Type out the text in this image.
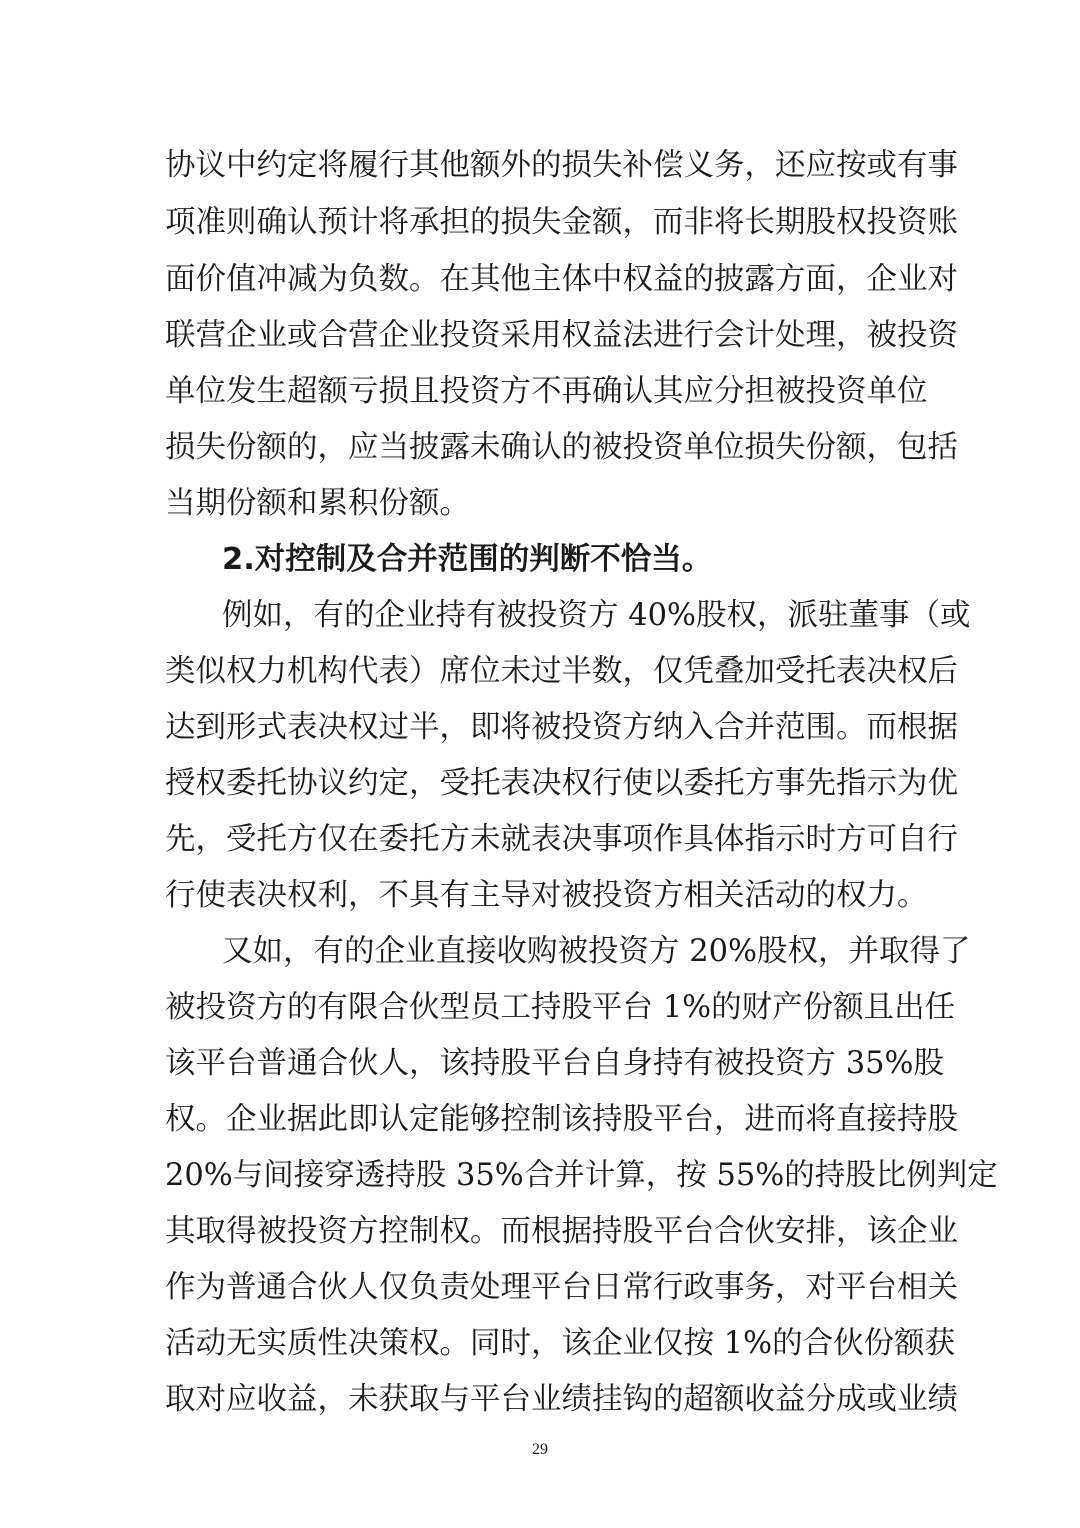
协议中约定将履行其他额外的损失补偿义务，还应按或有事
项准则确认预计将承担的损失金额，而非将长期股权投资账
面价值冲减为负数。在其他主体中权益的披露方面，企业对
联营企业或合营企业投资采用权益法进行会计处理，被投资
单位发生超额亏损且投资方不再确认其应分担被投资单位
损失份额的，应当披露未确认的被投资单位损失份额，包括
当期份额和累积份额。
2.对控制及合并范围的判断不恰当。
例如，有的企业持有被投资方 40%股权，派驻董事（或
类似权力机构代表）席位未过半数，仅凭叠加受托表决权后
达到形式表决权过半，即将被投资方纳入合并范围。而根据
授权委托协议约定，受托表决权行使以委托方事先指示为优
先，受托方仅在委托方未就表决事项作具体指示时方可自行
行使表决权利，不具有主导对被投资方相关活动的权力。
又如，有的企业直接收购被投资方 20%股权，并取得了
被投资方的有限合伙型员工持股平台 1%的财产份额且出任
该平台普通合伙人，该持股平台自身持有被投资方 35%股
权。企业据此即认定能够控制该持股平台，进而将直接持股
20%与间接穿透持股 35%合并计算，按 55%的持股比例判定
其取得被投资方控制权。而根据持股平台合伙安排，该企业
作为普通合伙人仅负责处理平台日常行政事务，对平台相关
活动无实质性决策权。同时，该企业仅按 1%的合伙份额获
取对应收益，未获取与平台业绩挂钩的超额收益分成或业绩
29
